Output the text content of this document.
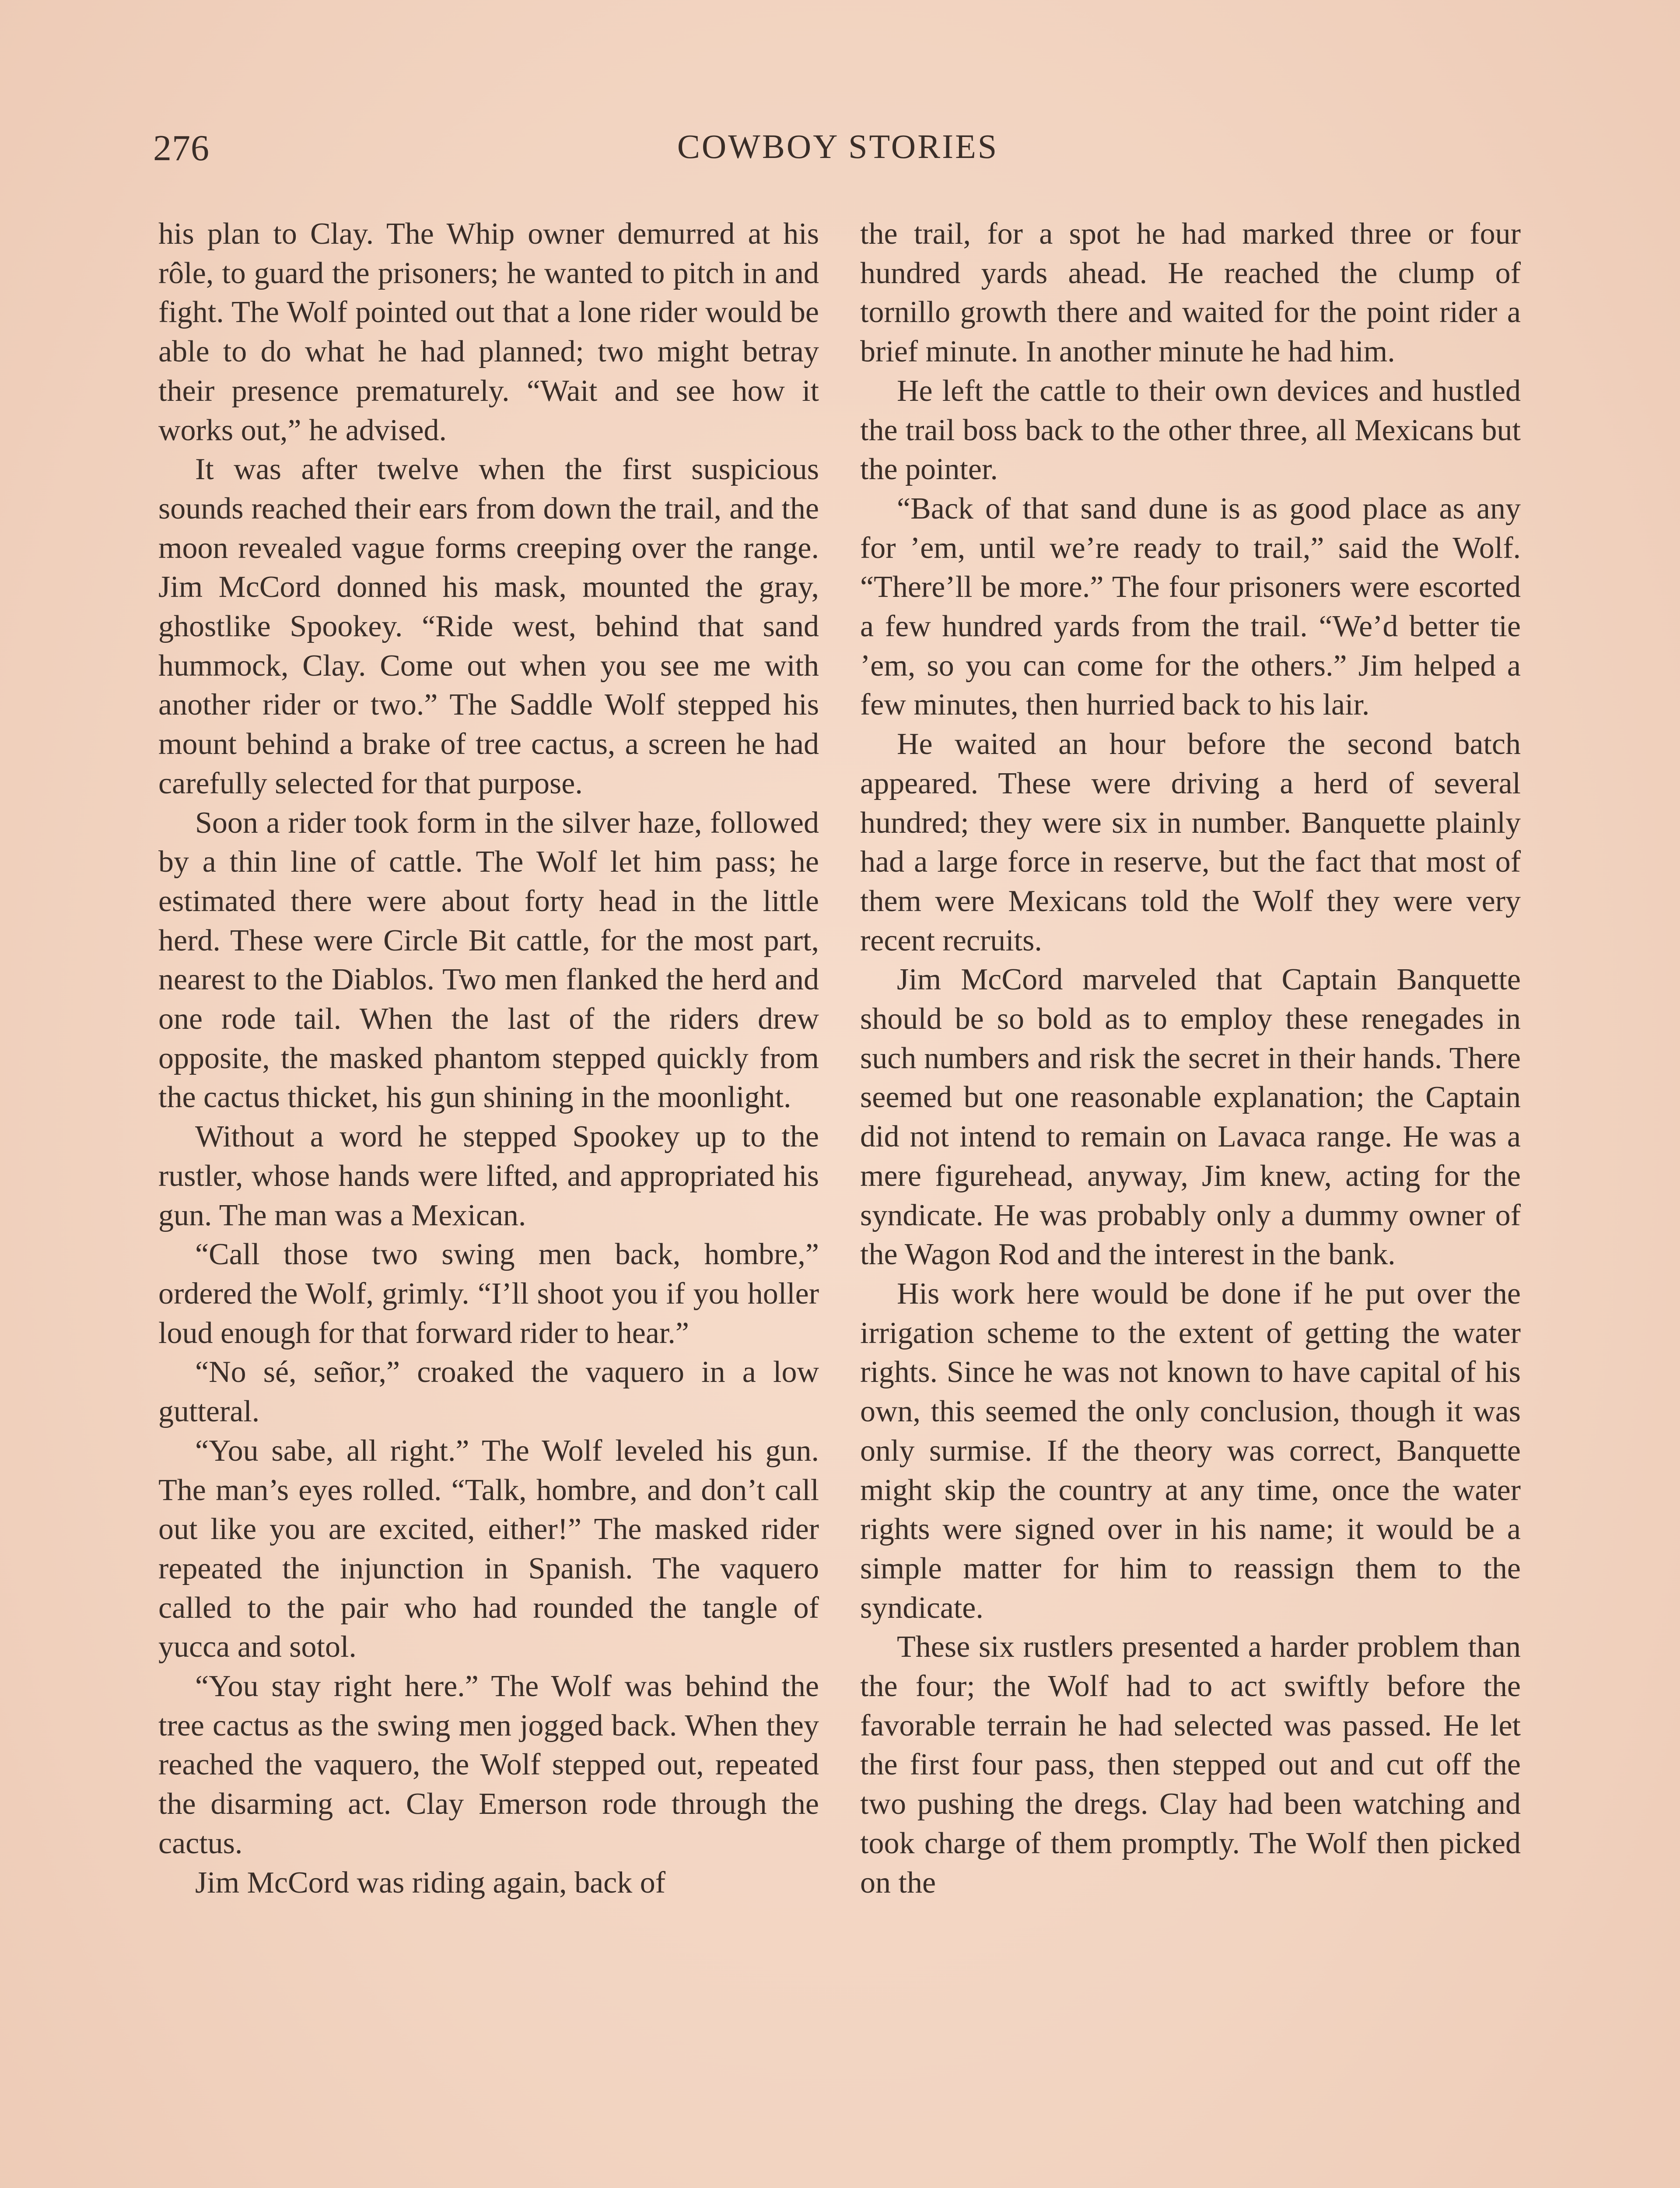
276	COWBOY STORIES

his plan to Clay. The Whip owner demurred at his rôle, to guard the prisoners; he wanted to pitch in and fight. The Wolf pointed out that a lone rider would be able to do what he had planned; two might betray their presence prematurely. “Wait and see how it works out,” he advised.

It was after twelve when the first suspicious sounds reached their ears from down the trail, and the moon revealed vague forms creeping over the range. Jim McCord donned his mask, mounted the gray, ghostlike Spookey. “Ride west, behind that sand hummock, Clay. Come out when you see me with another rider or two.” The Saddle Wolf stepped his mount behind a brake of tree cactus, a screen he had carefully selected for that purpose.

Soon a rider took form in the silver haze, followed by a thin line of cattle. The Wolf let him pass; he estimated there were about forty head in the little herd. These were Circle Bit cattle, for the most part, nearest to the Diablos. Two men flanked the herd and one rode tail. When the last of the riders drew opposite, the masked phantom stepped quickly from the cactus thicket, his gun shining in the moonlight.

Without a word he stepped Spookey up to the rustler, whose hands were lifted, and appropriated his gun. The man was a Mexican.

“Call those two swing men back, hombre,” ordered the Wolf, grimly. “I’ll shoot you if you holler loud enough for that forward rider to hear.”

“No sé, señor,” croaked the vaquero in a low gutteral.

“You sabe, all right.” The Wolf leveled his gun. The man’s eyes rolled. “Talk, hombre, and don’t call out like you are excited, either!” The masked rider repeated the injunction in Spanish. The vaquero called to the pair who had rounded the tangle of yucca and sotol.

“You stay right here.” The Wolf was behind the tree cactus as the swing men jogged back. When they reached the vaquero, the Wolf stepped out, repeated the disarming act. Clay Emerson rode through the cactus.

Jim McCord was riding again, back of

the trail, for a spot he had marked three or four hundred yards ahead. He reached the clump of tornillo growth there and waited for the point rider a brief minute. In another minute he had him.

He left the cattle to their own devices and hustled the trail boss back to the other three, all Mexicans but the pointer.

“Back of that sand dune is as good place as any for ’em, until we’re ready to trail,” said the Wolf. “There’ll be more.” The four prisoners were escorted a few hundred yards from the trail. “We’d better tie ’em, so you can come for the others.” Jim helped a few minutes, then hurried back to his lair.

He waited an hour before the second batch appeared. These were driving a herd of several hundred; they were six in number. Banquette plainly had a large force in reserve, but the fact that most of them were Mexicans told the Wolf they were very recent recruits.

Jim McCord marveled that Captain Banquette should be so bold as to employ these renegades in such numbers and risk the secret in their hands. There seemed but one reasonable explanation; the Captain did not intend to remain on Lavaca range. He was a mere figurehead, anyway, Jim knew, acting for the syndicate. He was probably only a dummy owner of the Wagon Rod and the interest in the bank.

His work here would be done if he put over the irrigation scheme to the extent of getting the water rights. Since he was not known to have capital of his own, this seemed the only conclusion, though it was only surmise. If the theory was correct, Banquette might skip the country at any time, once the water rights were signed over in his name; it would be a simple matter for him to reassign them to the syndicate.

These six rustlers presented a harder problem than the four; the Wolf had to act swiftly before the favorable terrain he had selected was passed. He let the first four pass, then stepped out and cut off the two pushing the dregs. Clay had been watching and took charge of them promptly. The Wolf then picked on the
